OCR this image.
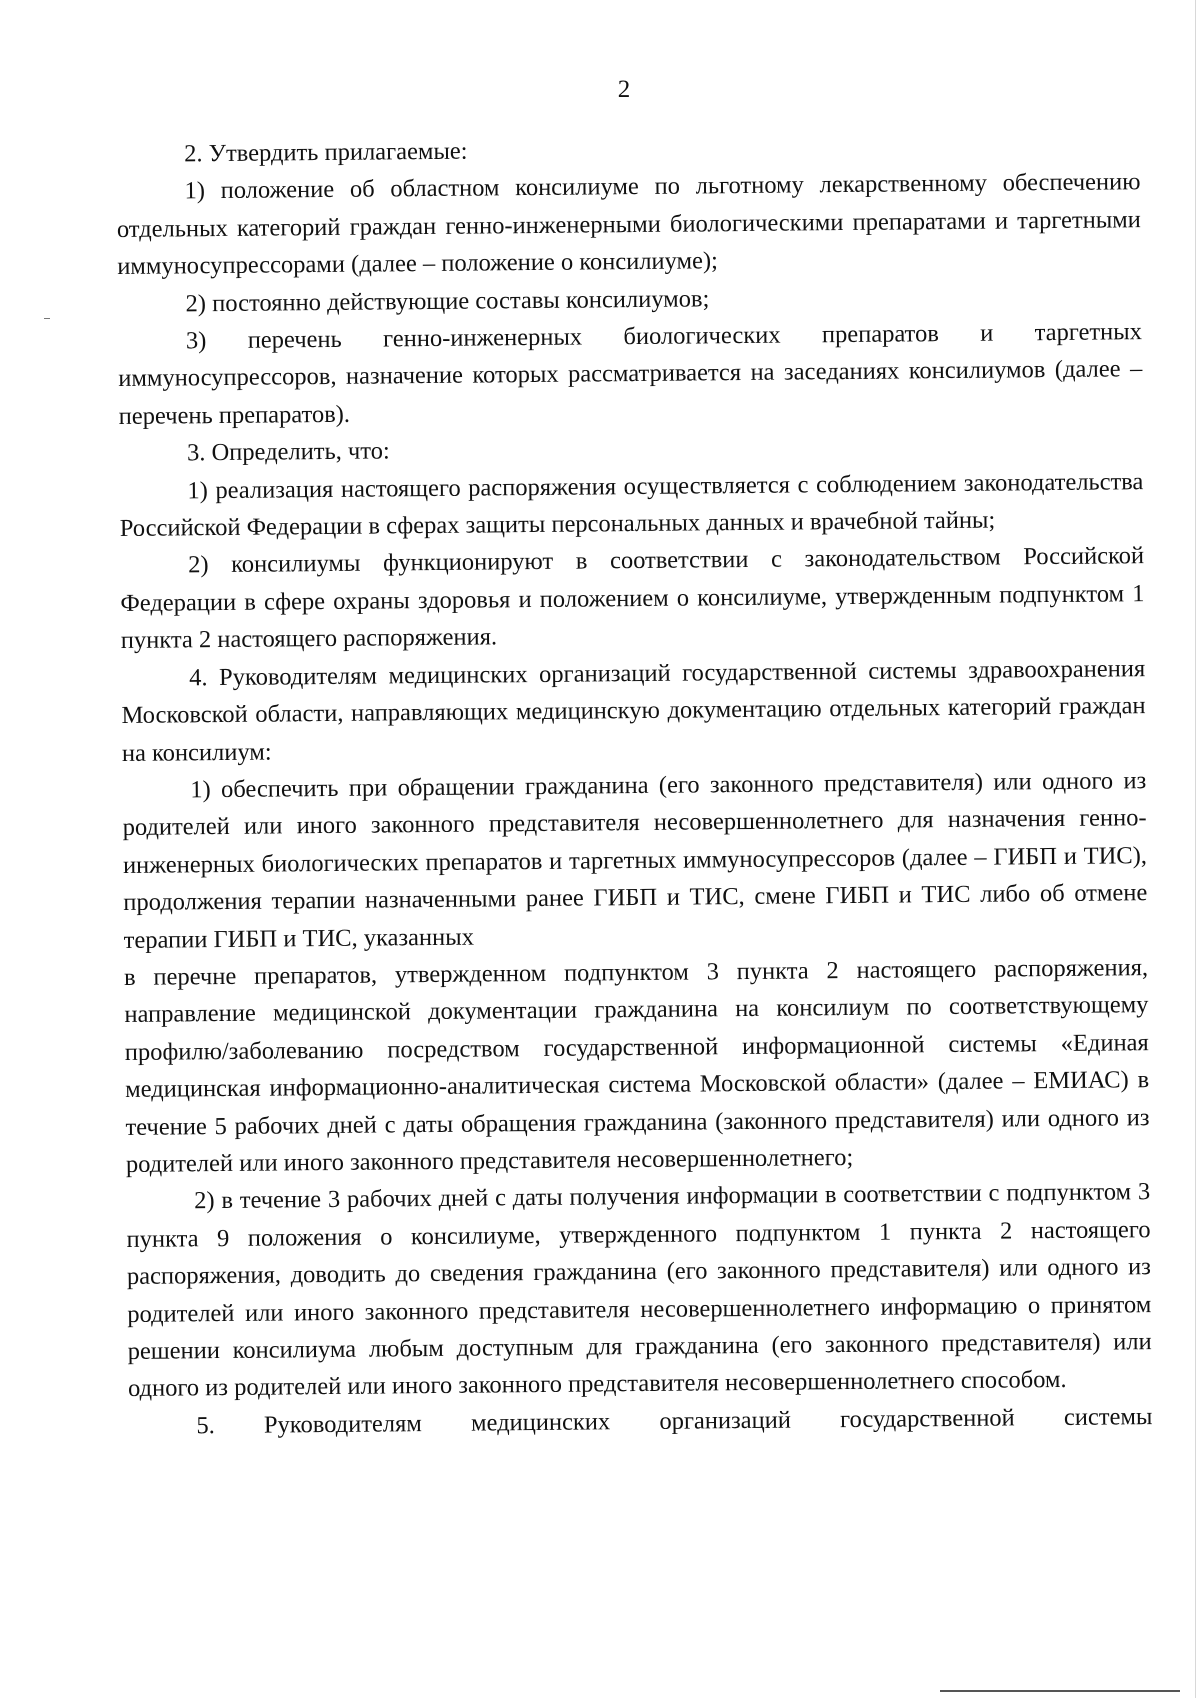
2

2. Утвердить прилагаемые:

1) положение об областном консилиуме по льготному лекарственному обеспечению отдельных категорий граждан генно-инженерными биологическими препаратами и таргетными иммуносупрессорами (далее – положение о консилиуме);

2) постоянно действующие составы консилиумов;

3) перечень генно-инженерных биологических препаратов и таргетных иммуносупрессоров, назначение которых рассматривается на заседаниях консилиумов (далее – перечень препаратов).

3. Определить, что:

1) реализация настоящего распоряжения осуществляется с соблюдением законодательства Российской Федерации в сферах защиты персональных данных и врачебной тайны;

2) консилиумы функционируют в соответствии с законодательством Российской Федерации в сфере охраны здоровья и положением о консилиуме, утвержденным подпунктом 1 пункта 2 настоящего распоряжения.

4. Руководителям медицинских организаций государственной системы здравоохранения Московской области, направляющих медицинскую документацию отдельных категорий граждан на консилиум:

1) обеспечить при обращении гражданина (его законного представителя) или одного из родителей или иного законного представителя несовершеннолетнего для назначения генно-инженерных биологических препаратов и таргетных иммуносупрессоров (далее – ГИБП и ТИС), продолжения терапии назначенными ранее ГИБП и ТИС, смене ГИБП и ТИС либо об отмене терапии ГИБП и ТИС, указанных

в перечне препаратов, утвержденном подпунктом 3 пункта 2 настоящего распоряжения, направление медицинской документации гражданина на консилиум по соответствующему профилю/заболеванию посредством государственной информационной системы «Единая медицинская информационно-аналитическая система Московской области» (далее – ЕМИАС) в течение 5 рабочих дней с даты обращения гражданина (законного представителя) или одного из родителей или иного законного представителя несовершеннолетнего;

2) в течение 3 рабочих дней с даты получения информации в соответствии с подпунктом 3 пункта 9 положения о консилиуме, утвержденного подпунктом 1 пункта 2 настоящего распоряжения, доводить до сведения гражданина (его законного представителя) или одного из родителей или иного законного представителя несовершеннолетнего информацию о принятом решении консилиума любым доступным для гражданина (его законного представителя) или одного из родителей или иного законного представителя несовершеннолетнего способом.

5. Руководителям медицинских организаций государственной системы
